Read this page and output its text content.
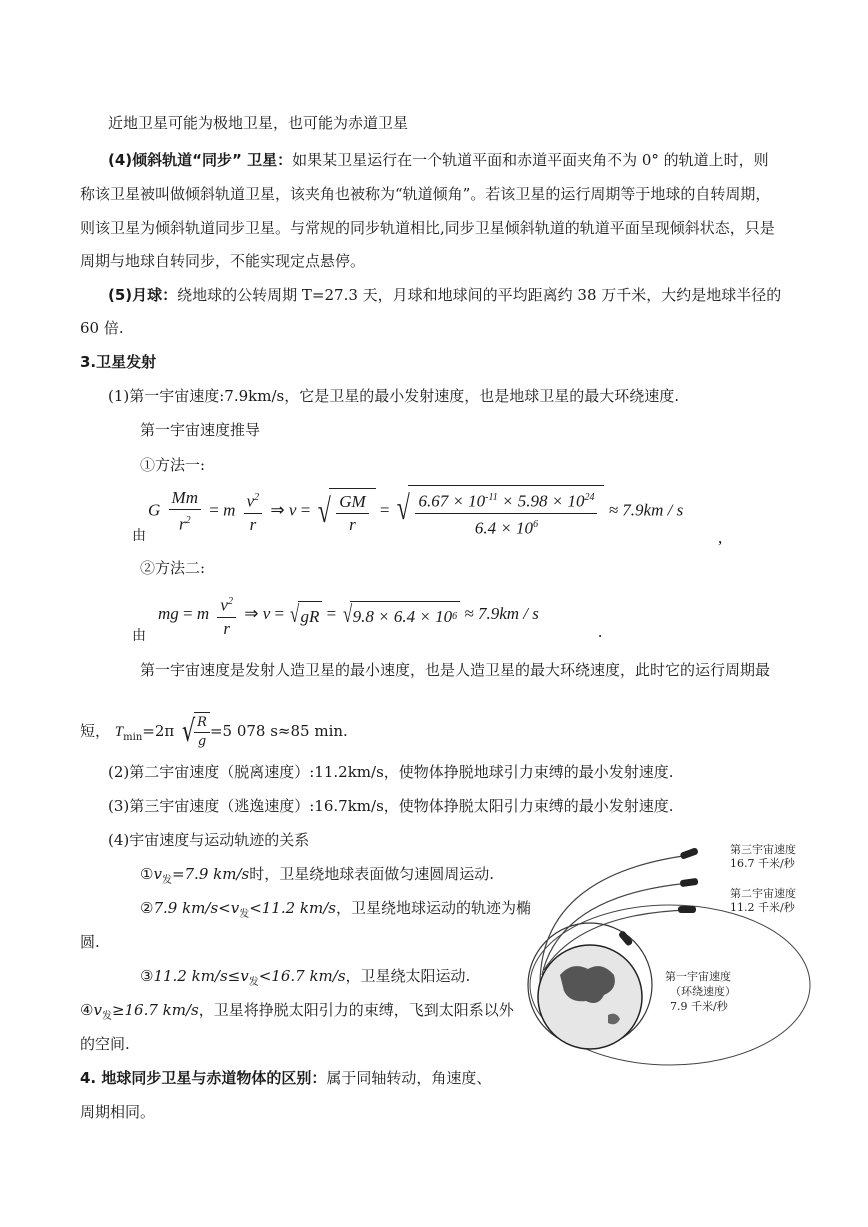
近地卫星可能为极地卫星，也可能为赤道卫星
(4)倾斜轨道“同步” 卫星：如果某卫星运行在一个轨道平面和赤道平面夹角不为 0° 的轨道上时，则
称该卫星被叫做倾斜轨道卫星，该夹角也被称为“轨道倾角”。若该卫星的运行周期等于地球的自转周期，
则该卫星为倾斜轨道同步卫星。与常规的同步轨道相比,同步卫星倾斜轨道的轨道平面呈现倾斜状态，只是
周期与地球自转同步，不能实现定点悬停。
(5)月球：绕地球的公转周期 T=27.3 天，月球和地球间的平均距离约 38 万千米，大约是地球半径的
60 倍.
3.卫星发射
(1)第一宇宙速度:7.9km/s，它是卫星的最小发射速度，也是地球卫星的最大环绕速度.
第一宇宙速度推导
①方法一:
由
G $\frac{Mm}{r^2} = m \frac{v^2}{r}$ ⇒ v = √ $\frac{GM}{r}$ = √ $\frac{6.67 \times 10^{-11} \times 5.98 \times 10^{24}}{6.4 \times 10^6} \approx 7.9km / s$
,
②方法二:
由
mg = m $\frac{v^2}{r}$ ⇒ v = √ gR = √ 9.8 × 6.4 × 10 6 ≈ 7.9km / s
.
第一宇宙速度是发射人造卫星的最小速度，也是人造卫星的最大环绕速度，此时它的运行周期最
短， $T_{min}=2\pi$ √
$\frac{R}{g} =5$ 078 s≈85 min.
(2)第二宇宙速度（脱离速度）:11.2km/s，使物体挣脱地球引力束缚的最小发射速度.
(3)第三宇宙速度（逃逸速度）:16.7km/s，使物体挣脱太阳引力束缚的最小发射速度.
(4)宇宙速度与运动轨迹的关系
$①v_发=7.9$ km/s时，卫星绕地球表面做匀速圆周运动.
②7.9 $km/s<v_发<11.2$ km/s，卫星绕地球运动的轨迹为椭
圆.
③11.2 $km/s\le v_发<16.7$ km/s，卫星绕太阳运动.
$④v_发\ge 16.7$ km/s，卫星将挣脱太阳引力的束缚，飞到太阳系以外
的空间.
4. 地球同步卫星与赤道物体的区别：属于同轴转动，角速度、
周期相同。
第三宇宙速度
16.7 千米/秒
第二宇宙速度
11.2 千米/秒
第一宇宙速度
（环绕速度）
7.9 千米/秒
